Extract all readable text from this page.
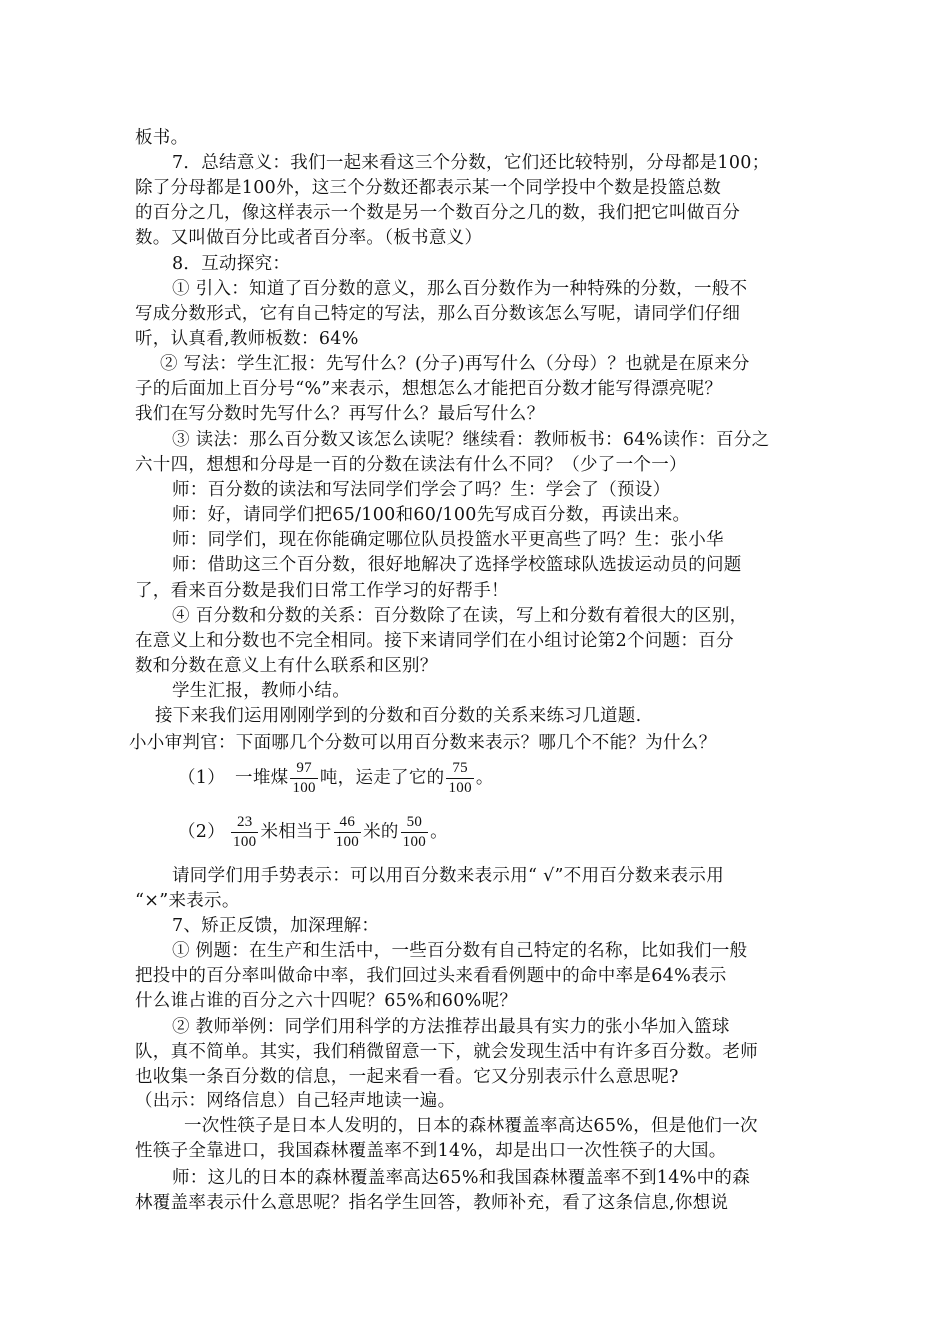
板书。
7．总结意义：我们一起来看这三个分数，它们还比较特别，分母都是100；
除了分母都是100外，这三个分数还都表示某一个同学投中个数是投篮总数
的百分之几，像这样表示一个数是另一个数百分之几的数，我们把它叫做百分
数。又叫做百分比或者百分率。（板书意义）
8．互动探究：
① 引入：知道了百分数的意义，那么百分数作为一种特殊的分数，一般不
写成分数形式，它有自己特定的写法，那么百分数该怎么写呢，请同学们仔细
听，认真看,教师板数：64%
② 写法：学生汇报：先写什么？(分子)再写什么（分母）？也就是在原来分
子的后面加上百分号“%”来表示，想想怎么才能把百分数才能写得漂亮呢？
我们在写分数时先写什么？再写什么？最后写什么？
③ 读法：那么百分数又该怎么读呢？继续看：教师板书：64%读作：百分之
六十四，想想和分母是一百的分数在读法有什么不同？（少了一个一）
师：百分数的读法和写法同学们学会了吗？生：学会了（预设）
师：好，请同学们把65/100和60/100先写成百分数，再读出来。
师：同学们，现在你能确定哪位队员投篮水平更高些了吗？生：张小华
师：借助这三个百分数，很好地解决了选择学校篮球队选拔运动员的问题
了，看来百分数是我们日常工作学习的好帮手！
④ 百分数和分数的关系：百分数除了在读，写上和分数有着很大的区别，
在意义上和分数也不完全相同。接下来请同学们在小组讨论第2个问题：百分
数和分数在意义上有什么联系和区别？
学生汇报，教师小结。
接下来我们运用刚刚学到的分数和百分数的关系来练习几道题.
小小审判官：下面哪几个分数可以用百分数来表示？哪几个不能？为什么？
（1） 一堆煤 $\frac{97}{100}$ 吨，运走了它的 $\frac{75}{100}$ 。
$(2) \frac{23}{100}$ 米相当于 $\frac{46}{100}$ 米的 $\frac{50}{100}$ 。
请同学们用手势表示：可以用百分数来表示用“ √”不用百分数来表示用
“×”来表示。
7、矫正反馈，加深理解：
① 例题：在生产和生活中，一些百分数有自己特定的名称，比如我们一般
把投中的百分率叫做命中率，我们回过头来看看例题中的命中率是64%表示
什么谁占谁的百分之六十四呢？65%和60%呢？
② 教师举例：同学们用科学的方法推荐出最具有实力的张小华加入篮球
队，真不简单。其实，我们稍微留意一下，就会发现生活中有许多百分数。老师
也收集一条百分数的信息，一起来看一看。它又分别表示什么意思呢?
（出示：网络信息）自己轻声地读一遍。
一次性筷子是日本人发明的，日本的森林覆盖率高达65%，但是他们一次
性筷子全靠进口，我国森林覆盖率不到14%，却是出口一次性筷子的大国。
师：这儿的日本的森林覆盖率高达65%和我国森林覆盖率不到14%中的森
林覆盖率表示什么意思呢？指名学生回答，教师补充，看了这条信息,你想说
